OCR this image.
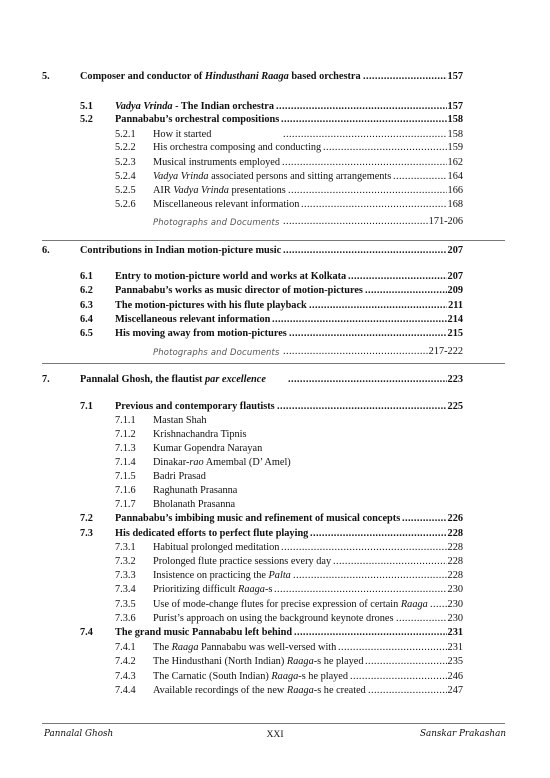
5.	Composer and conductor of Hindusthani Raaga based orchestra	157
.....
5.1 Vadya Vrinda - The Indian orchestra	157
.....
5.2 Pannababu’s orchestral compositions	158
.....
5.2.1 How it started	158
.....
5.2.2 His orchestra composing and conducting	159
.....
5.2.3 Musical instruments employed	162
.....
5.2.4 Vadya Vrinda associated persons and sitting arrangements	164
.....
5.2.5 AIR Vadya Vrinda presentations	166
.....
5.2.6 Miscellaneous relevant information	168
.....
Photographs and Documents	171-206
.....
6.	Contributions in Indian motion-picture music	207
.....
6.1 Entry to motion-picture world and works at Kolkata	207
.....
6.2 Pannababu’s works as music director of motion-pictures	209
.....
6.3 The motion-pictures with his flute playback	211
.....
6.4 Miscellaneous relevant information	214
.....
6.5 His moving away from motion-pictures	215
.....
Photographs and Documents	217-222
.....
7.	Pannalal Ghosh, the flautist par excellence	223
.....
7.1 Previous and contemporary flautists	225
.....
7.1.1 Mastan Shah
7.1.2 Krishnachandra Tipnis
7.1.3 Kumar Gopendra Narayan
7.1.4 Dinakar-rao Amembal (D’ Amel)
7.1.5 Badri Prasad
7.1.6 Raghunath Prasanna
7.1.7 Bholanath Prasanna
7.2 Pannababu’s imbibing music and refinement of musical concepts	226
.....
7.3 His dedicated efforts to perfect flute playing	228
.....
7.3.1 Habitual prolonged meditation	228
.....
7.3.2 Prolonged flute practice sessions every day	228
.....
7.3.3 Insistence on practicing the Palta	228
.....
7.3.4 Prioritizing difficult Raaga-s	230
.....
7.3.5 Use of mode-change flutes for precise expression of certain Raaga 230
.....
7.3.6 Purist’s approach on using the background keynote drones	230
.....
7.4 The grand music Pannababu left behind	231
.....
7.4.1 The Raaga Pannababu was well-versed with	231
.....
7.4.2 The Hindusthani (North Indian) Raaga-s he played	235
.....
7.4.3 The Carnatic (South Indian) Raaga-s he played	246
.....
7.4.4 Available recordings of the new Raaga-s he created	247
.....
Pannalal Ghosh	XXI	Sanskar Prakashan
